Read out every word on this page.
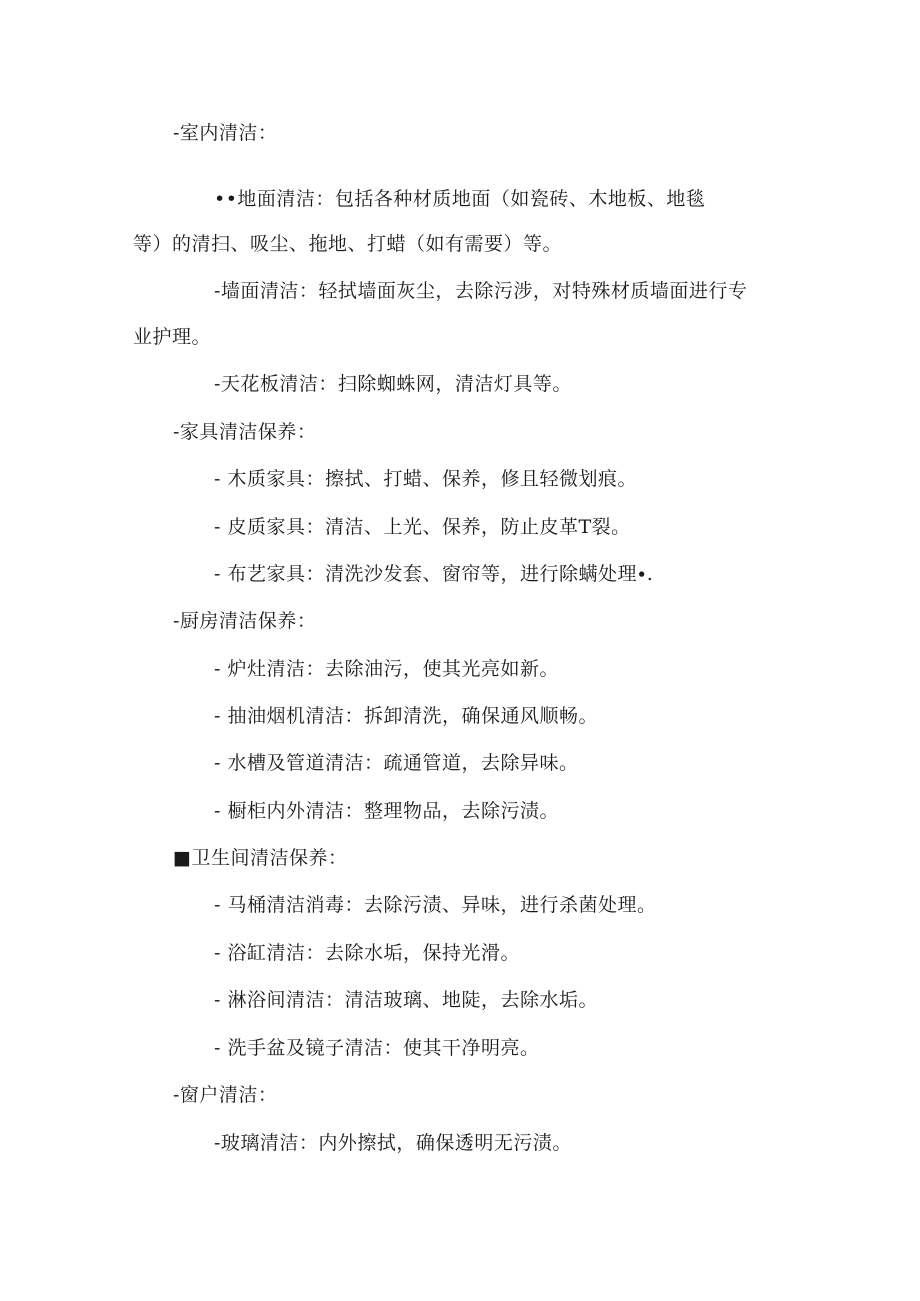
-室内清洁：
••地面清洁：包括各种材质地面（如瓷砖、木地板、地毯
等）的清扫、吸尘、拖地、打蜡（如有需要）等。
-墙面清洁：轻拭墙面灰尘，去除污涉，对特殊材质墙面进行专
业护理。
-天花板清洁：扫除蜘蛛网，清洁灯具等。
-家具清洁保养：
- 木质家具：擦拭、打蜡、保养，修且轻微划痕。
- 皮质家具：清洁、上光、保养，防止皮革T裂。
- 布艺家具：清洗沙发套、窗帘等，进行除螨处理∙.
-厨房清洁保养：
- 炉灶清洁：去除油污，使其光亮如新。
- 抽油烟机清洁：拆卸清洗，确保通风顺畅。
- 水槽及管道清洁：疏通管道，去除异味。
- 橱柜内外清洁：整理物品，去除污渍。
■卫生间清洁保养：
- 马桶清洁消毒：去除污渍、异味，进行杀菌处理。
- 浴缸清洁：去除水垢，保持光滑。
- 淋浴间清洁：清洁玻璃、地陡，去除水垢。
- 洗手盆及镜子清洁：使其干净明亮。
-窗户清洁：
-玻璃清洁：内外擦拭，确保透明无污渍。
